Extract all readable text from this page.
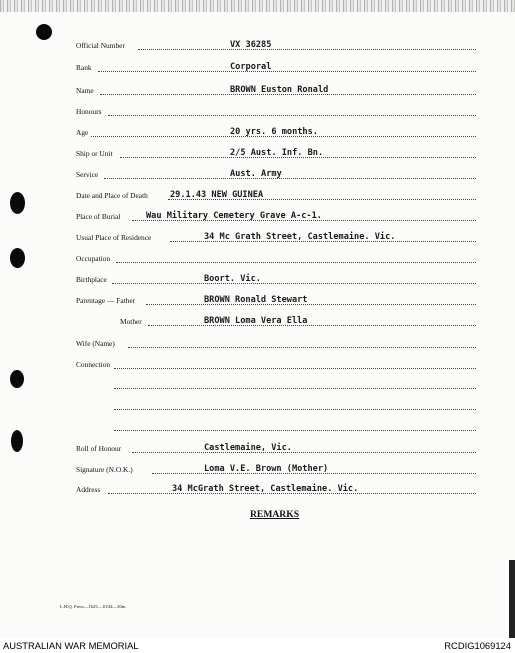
Official Number	VX 36285
Rank	Corporal
Name	BROWN Euston Ronald
Honours
Age	20 yrs. 6 months.
Ship or Unit	2/5 Aust. Inf. Bn.
Service	Aust. Army
Date and Place of Death	29.1.43 NEW GUINEA
Place of Burial	Wau Military Cemetery Grave A-c-1.
Usual Place of Residence	34 Mc Grath Street, Castlemaine. Vic.
Occupation
Birthplace	Boort. Vic.
Parentage — Father	BROWN Ronald Stewart
Mother	BROWN Loma Vera Ella
Wife (Name)
Connection
Roll of Honour	Castlemaine, Vic.
Signature (N.O.K.)	Loma V.E. Brown (Mother)
Address	34 McGrath Street, Castlemaine. Vic.
REMARKS
L.H.Q. Press—1625—10/44—30m.
AUSTRALIAN WAR MEMORIAL	RCDIG1069124
